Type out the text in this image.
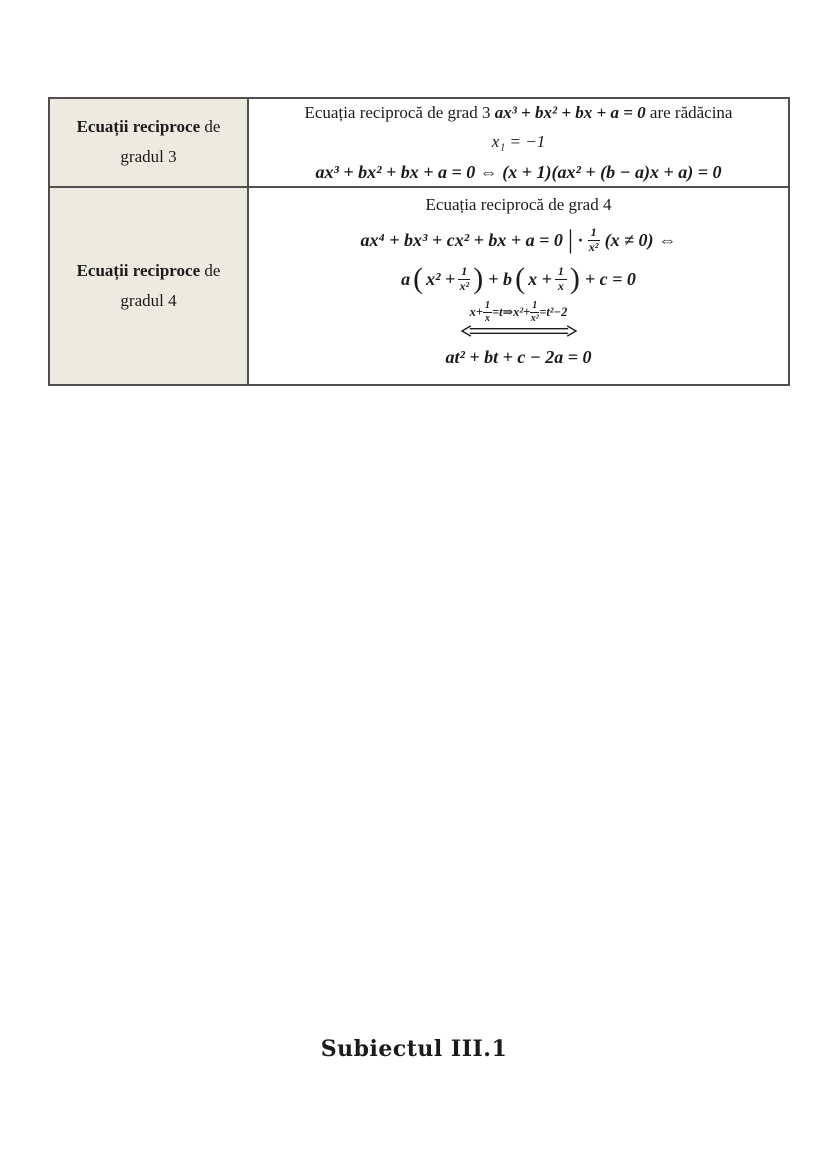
Ecuații reciproce de
gradul 3
Ecuația reciprocă de grad 3 ax³ + bx² + bx + a = 0 are rădăcina
x₁ = −1
ax³ + bx² + bx + a = 0 ⇔ (x + 1)(ax² + (b − a)x + a) = 0
Ecuații reciproce de
gradul 4
Ecuația reciprocă de grad 4
ax⁴ + bx³ + cx² + bx + a = 0 | · $\frac{1}{\text{x²}} (x \ne 0)$ ⇔
a ( $x^2 + \frac{1}{\text{x²}}$ ) + b ( $x + \frac{1}{x}$ ) + c = 0
$x+ \frac{1}{x}$ =t⇒x²+ $\frac{1}{\text{x²}} =t^2-2$
at² + bt + c − 2a = 0
Subiectul III.1
